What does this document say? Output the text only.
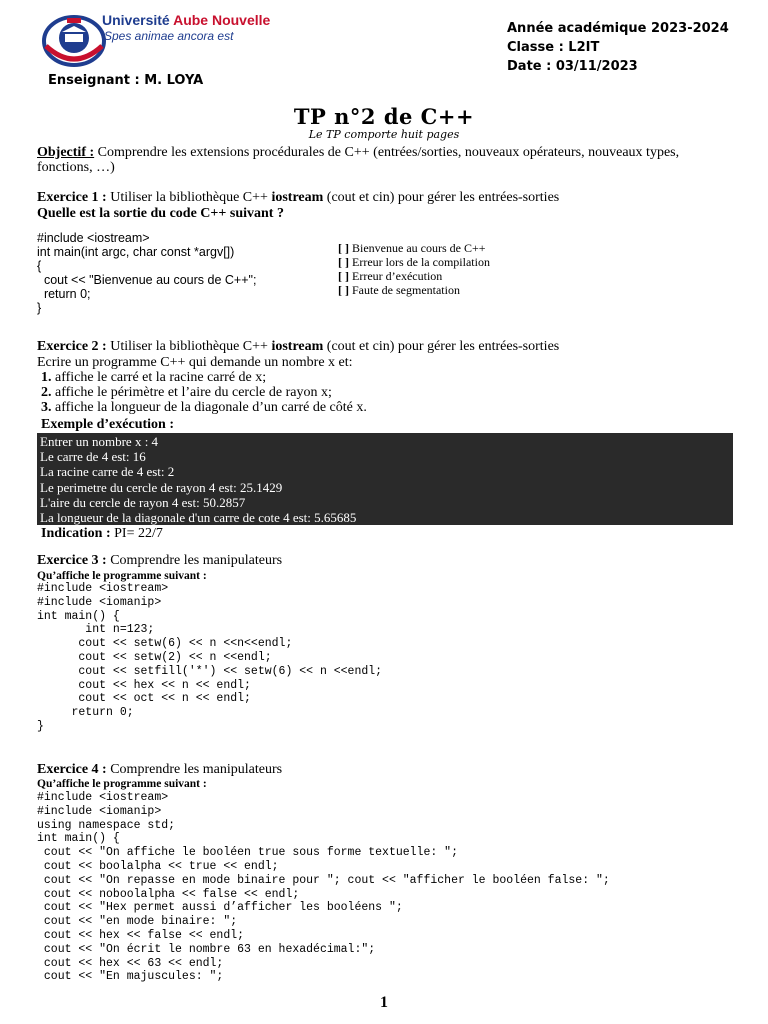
Université Aube Nouvelle
Spes animae ancora est	Année académique 2023-2024
Classe : L2IT
Date : 03/11/2023
Enseignant : M. LOYA
TP n°2 de C++
Le TP comporte huit pages
Objectif : Comprendre les extensions procédurales de C++ (entrées/sorties, nouveaux opérateurs, nouveaux types, fonctions, …)
Exercice 1 : Utiliser la bibliothèque C++ iostream (cout et cin) pour gérer les entrées-sorties
Quelle est la sortie du code C++ suivant ?
#include <iostream>
int main(int argc, char const *argv[])
{
cout << "Bienvenue au cours de C++";
return 0;
}
[ ] Bienvenue au cours de C++
[ ] Erreur lors de la compilation
[ ] Erreur d’exécution
[ ] Faute de segmentation
Exercice 2 : Utiliser la bibliothèque C++ iostream (cout et cin) pour gérer les entrées-sorties
Ecrire un programme C++ qui demande un nombre x et:
1. affiche le carré et la racine carré de x;
2. affiche le périmètre et l’aire du cercle de rayon x;
3. affiche la longueur de la diagonale d’un carré de côté x.
Exemple d’exécution :
Entrer un nombre x : 4
Le carre de 4 est: 16
La racine carre de 4 est: 2
Le perimetre du cercle de rayon 4 est: 25.1429
L'aire du cercle de rayon 4 est: 50.2857
La longueur de la diagonale d'un carre de cote 4 est: 5.65685
Indication : PI= 22/7
Exercice 3 : Comprendre les manipulateurs
Qu’affiche le programme suivant :
#include <iostream>
#include <iomanip>
int main() {
int n=123;
cout << setw(6) << n <<n<<endl;
cout << setw(2) << n <<endl;
cout << setfill('*') << setw(6) << n <<endl;
cout << hex << n << endl;
cout << oct << n << endl;
return 0;
}
Exercice 4 : Comprendre les manipulateurs
Qu’affiche le programme suivant :
#include <iostream>
#include <iomanip>
using namespace std;
int main() {
cout << "On affiche le booléen true sous forme textuelle: ";
cout << boolalpha << true << endl;
cout << "On repasse en mode binaire pour "; cout << "afficher le booléen false: ";
cout << noboolalpha << false << endl;
cout << "Hex permet aussi d’afficher les booléens ";
cout << "en mode binaire: ";
cout << hex << false << endl;
cout << "On écrit le nombre 63 en hexadécimal:";
cout << hex << 63 << endl;
cout << "En majuscules: ";
1
